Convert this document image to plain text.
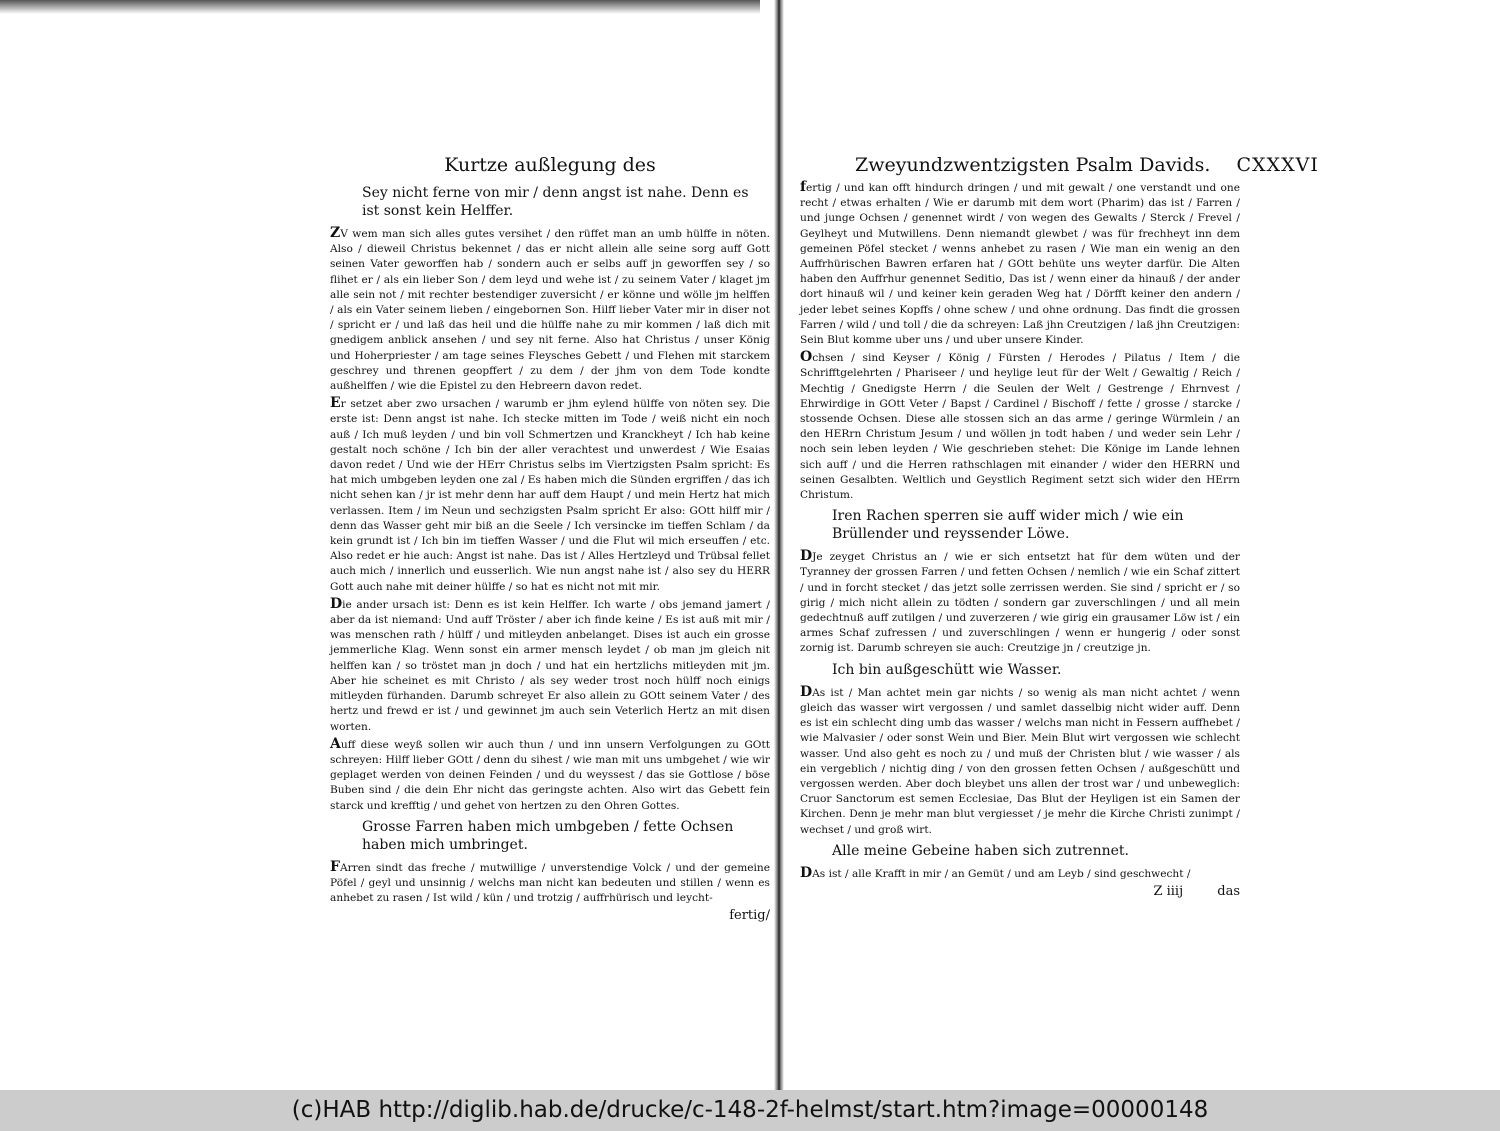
Kurtze außlegung des
Sey nicht ferne von mir / denn angst ist nahe. Denn es ist sonst kein Helffer.

ZV wem man sich alles gutes versihet / den rüffet man an umb hülffe in nöten. Also / dieweil Christus bekennet / das er nicht allein alle seine sorg auff Gott seinen Vater geworffen hab / sondern auch er selbs auff jn geworffen sey / so flihet er / als ein lieber Son / dem leyd und wehe ist / zu seinem Vater / klaget jm alle sein not / mit rechter bestendiger zuversicht / er könne und wölle jm helffen / als ein Vater seinem lieben / eingebornen Son. Hilff lieber Vater mir in diser not / spricht er / und laß das heil und die hülffe nahe zu mir kommen / laß dich mit gnedigem anblick ansehen / und sey nit ferne. Also hat Christus / unser König und Hoherpriester / am tage seines Fleysches Gebett / und Flehen mit starckem geschrey und threnen geopffert / zu dem / der jhm von dem Tode kondte außhelffen / wie die Epistel zu den Hebreern davon redet.

Er setzet aber zwo ursachen / warumb er jhm eylend hülffe von nöten sey. Die erste ist: Denn angst ist nahe. Ich stecke mitten im Tode / weiß nicht ein noch auß / Ich muß leyden / und bin voll Schmertzen und Kranckheyt / Ich hab keine gestalt noch schöne / Ich bin der aller verachtest und unwerdest / Wie Esaias davon redet / Und wie der HErr Christus selbs im Viertzigsten Psalm spricht: Es hat mich umbgeben leyden one zal / Es haben mich die Sünden ergriffen / das ich nicht sehen kan / jr ist mehr denn har auff dem Haupt / und mein Hertz hat mich verlassen. Item / im Neun und sechzigsten Psalm spricht Er also: GOtt hilff mir / denn das Wasser geht mir biß an die Seele / Ich versincke im tieffen Schlam / da kein grundt ist / Ich bin im tieffen Wasser / und die Flut wil mich erseuffen / etc. Also redet er hie auch: Angst ist nahe. Das ist / Alles Hertzleyd und Trübsal fellet auch mich / innerlich und eusserlich. Wie nun angst nahe ist / also sey du HERR Gott auch nahe mit deiner hülffe / so hat es nicht not mit mir.

Die ander ursach ist: Denn es ist kein Helffer. Ich warte / obs jemand jamert / aber da ist niemand: Und auff Tröster / aber ich finde keine / Es ist auß mit mir / was menschen rath / hülff / und mitleyden anbelanget. Dises ist auch ein grosse jemmerliche Klag. Wenn sonst ein armer mensch leydet / ob man jm gleich nit helffen kan / so tröstet man jn doch / und hat ein hertzlichs mitleyden mit jm. Aber hie scheinet es mit Christo / als sey weder trost noch hülff noch einigs mitleyden fürhanden. Darumb schreyet Er also allein zu GOtt seinem Vater / des hertz und frewd er ist / und gewinnet jm auch sein Veterlich Hertz an mit disen worten.

Auff diese weyß sollen wir auch thun / und inn unsern Verfolgungen zu GOtt schreyen: Hilff lieber GOtt / denn du sihest / wie man mit uns umbgehet / wie wir geplaget werden von deinen Feinden / und du weyssest / das sie Gottlose / böse Buben sind / die dein Ehr nicht das geringste achten. Also wirt das Gebett fein starck und krefftig / und gehet von hertzen zu den Ohren Gottes.

Grosse Farren haben mich umbgeben / fette Ochsen haben mich umbringet.

FArren sindt das freche / mutwillige / unverstendige Volck / und der gemeine Pöfel / geyl und unsinnig / welchs man nicht kan bedeuten und stillen / wenn es anhebet zu rasen / Ist wild / kün / und trotzig / auffrhürisch und leycht-

fertig/
Zweyundzwentzigsten Psalm Davids. CXXXVI

fertig / und kan offt hindurch dringen / und mit gewalt / one verstandt und one recht / etwas erhalten / Wie er darumb mit dem wort (Pharim) das ist / Farren / und junge Ochsen / genennet wirdt / von wegen des Gewalts / Sterck / Frevel / Geylheyt und Mutwillens. Denn niemandt glewbet / was für frechheyt inn dem gemeinen Pöfel stecket / wenns anhebet zu rasen / Wie man ein wenig an den Auffrhürischen Bawren erfaren hat / GOtt behüte uns weyter darfür. Die Alten haben den Auffrhur genennet Seditio, Das ist / wenn einer da hinauß / der ander dort hinauß wil / und keiner kein geraden Weg hat / Dörfft keiner den andern / jeder lebet seines Kopffs / ohne schew / und ohne ordnung. Das findt die grossen Farren / wild / und toll / die da schreyen: Laß jhn Creutzigen / laß jhn Creutzigen: Sein Blut komme uber uns / und uber unsere Kinder.

Ochsen / sind Keyser / König / Fürsten / Herodes / Pilatus / Item / die Schrifftgelehrten / Pharisеer / und heylige leut für der Welt / Gewaltig / Reich / Mechtig / Gnedigste Herrn / die Seulen der Welt / Gestrenge / Ehrnvest / Ehrwirdige in GOtt Veter / Bapst / Cardinel / Bischoff / fette / grosse / starcke / stossende Ochsen. Diese alle stossen sich an das arme / geringe Würmlein / an den HERrn Christum Jesum / und wöllen jn todt haben / und weder sein Lehr / noch sein leben leyden / Wie geschrieben stehet: Die Könige im Lande lehnen sich auff / und die Herren rathschlagen mit einander / wider den HERRN und seinen Gesalbten. Weltlich und Geystlich Regiment setzt sich wider den HErrn Christum.

Iren Rachen sperren sie auff wider mich / wie ein Brüllender und reyssender Löwe.

DJe zeyget Christus an / wie er sich entsetzt hat für dem wüten und der Tyranney der grossen Farren / und fetten Ochsen / nemlich / wie ein Schaf zittert / und in forcht stecket / das jetzt solle zerrissen werden. Sie sind / spricht er / so girig / mich nicht allein zu tödten / sondern gar zuverschlingen / und all mein gedechtnuß auff zutilgen / und zuverzeren / wie girig ein grausamer Löw ist / ein armes Schaf zufressen / und zuverschlingen / wenn er hungerig / oder sonst zornig ist. Darumb schreyen sie auch: Creutzige jn / creutzige jn.

Ich bin außgeschütt wie Wasser.

DAs ist / Man achtet mein gar nichts / so wenig als man nicht achtet / wenn gleich das wasser wirt vergossen / und samlet dasselbig nicht wider auff. Denn es ist ein schlecht ding umb das wasser / welchs man nicht in Fessern auffhebet / wie Malvasier / oder sonst Wein und Bier. Mein Blut wirt vergossen wie schlecht wasser. Und also geht es noch zu / und muß der Christen blut / wie wasser / als ein vergeblich / nichtig ding / von den grossen fetten Ochsen / außgeschütt und vergossen werden. Aber doch bleybet uns allen der trost war / und unbeweglich: Cruor Sanctorum est semen Ecclesiae, Das Blut der Heyligen ist ein Samen der Kirchen. Denn je mehr man blut vergiesset / je mehr die Kirche Christi zunimpt / wechset / und groß wirt.

Alle meine Gebeine haben sich zutrennet.

DAs ist / alle Krafft in mir / an Gemüt / und am Leyb / sind geschwecht /

Z iiij	das
(c)HAB http://diglib.hab.de/drucke/c-148-2f-helmst/start.htm?image=00000148
